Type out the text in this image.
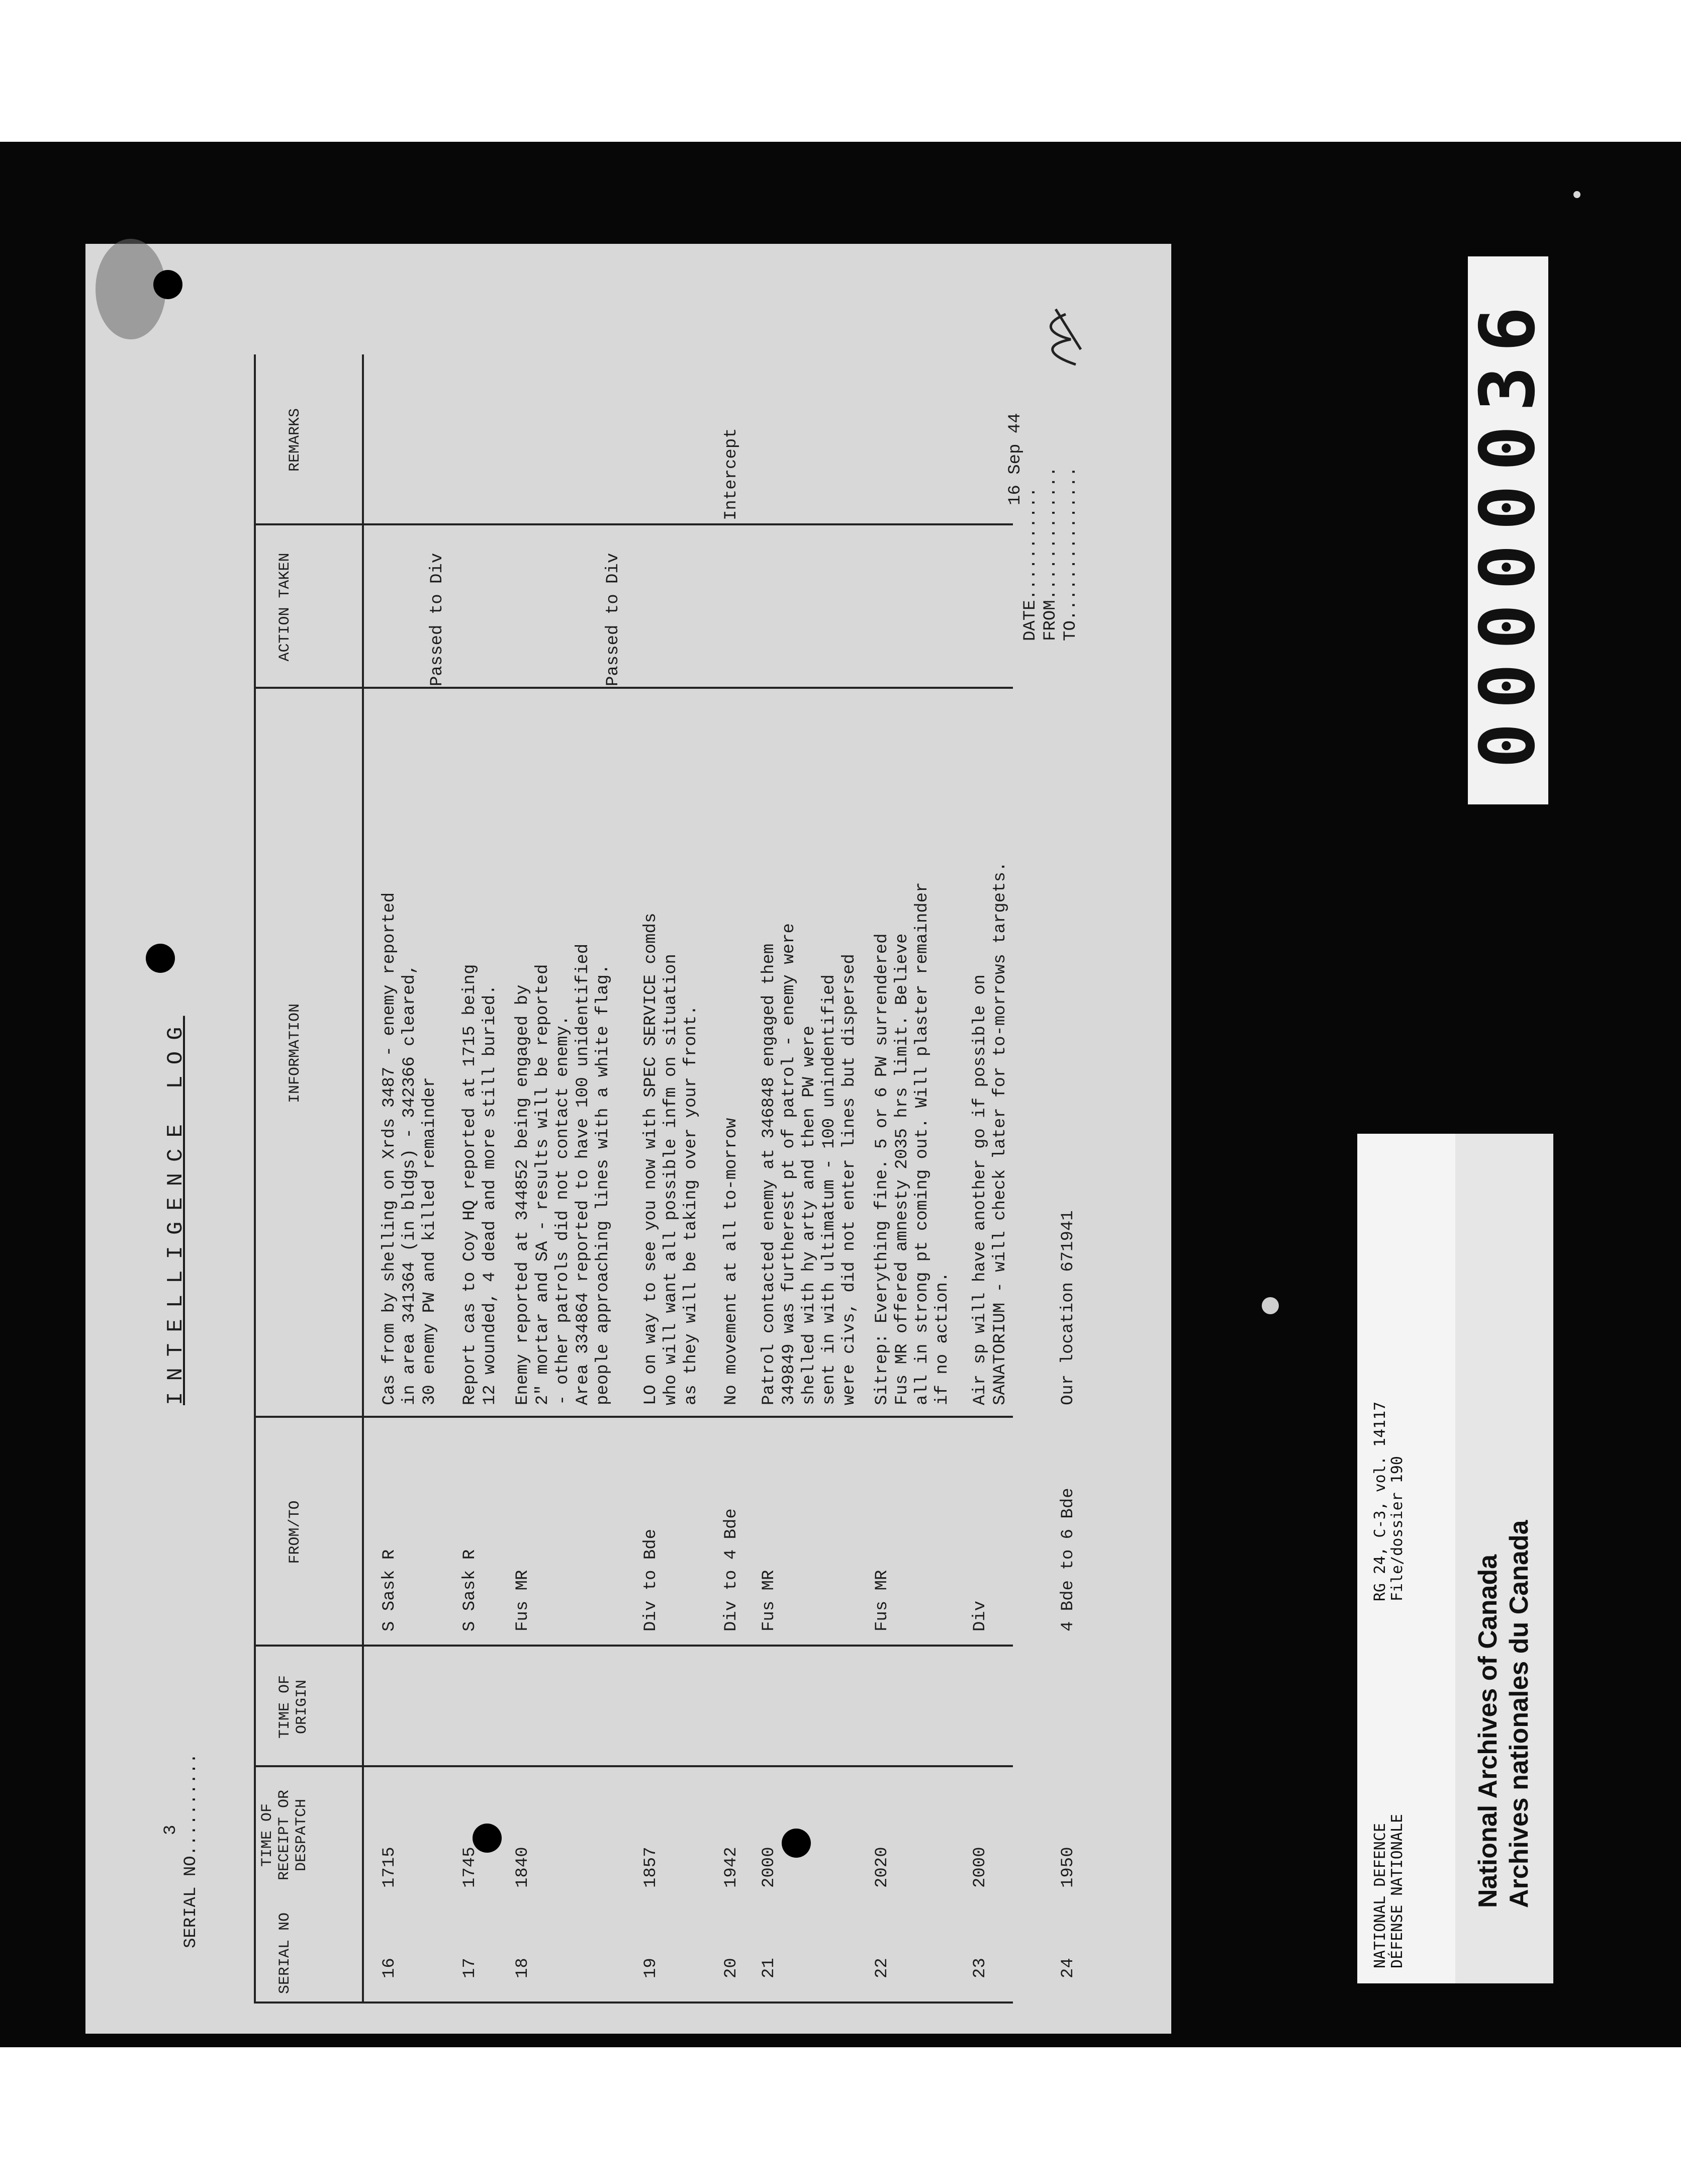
INTELLIGENCE LOG
SERIAL NO..........
3
DATE...........
16 Sep 44
FROM............. TO...............
SERIAL NO
TIME OF RECEIPT OR DESPATCH
TIME OF ORIGIN
FROM/TO
INFORMATION
ACTION TAKEN
REMARKS
16
1715
S Sask R
Cas from by shelling on Xrds 3487 - enemy reported
in area 341364 (in bldgs) - 342366 cleared,
30 enemy PW and killed remainder
Passed to Div
17
1745
S Sask R
Report cas to Coy HQ reported at 1715 being
12 wounded, 4 dead and more still buried.
18
1840
Fus MR
Enemy reported at 344852 being engaged by
2" mortar and SA - results will be reported
- other patrols did not contact enemy.
Area 334864 reported to have 100 unidentified
people approaching lines with a white flag.
Passed to Div
19
1857
Div to Bde
LO on way to see you now with SPEC SERVICE comds
who will want all possible infm on situation
as they will be taking over your front.
20
1942
Div to 4 Bde
No movement at all to-morrow
Intercept
21
2000
Fus MR
Patrol contacted enemy at 346848 engaged them
349849 was furtherest pt of patrol - enemy were
shelled with hy arty and then PW were
sent in with ultimatum - 100 unindentified
were civs, did not enter lines but dispersed
22
2020
Fus MR
Sitrep: Everything fine. 5 or 6 PW surrendered
Fus MR offered amnesty 2035 hrs limit. Believe
all in strong pt coming out. Will plaster remainder
if no action.
23
2000
Div
Air sp will have another go if possible on
SANATORIUM - will check later for to-morrows targets.
24
1950
4 Bde to 6 Bde
Our location 671941
00000036
NATIONAL DEFENCE DÉFENSE NATIONALE
RG 24, C-3, vol. 14117 File/dossier 190
National Archives of Canada Archives nationales du Canada
